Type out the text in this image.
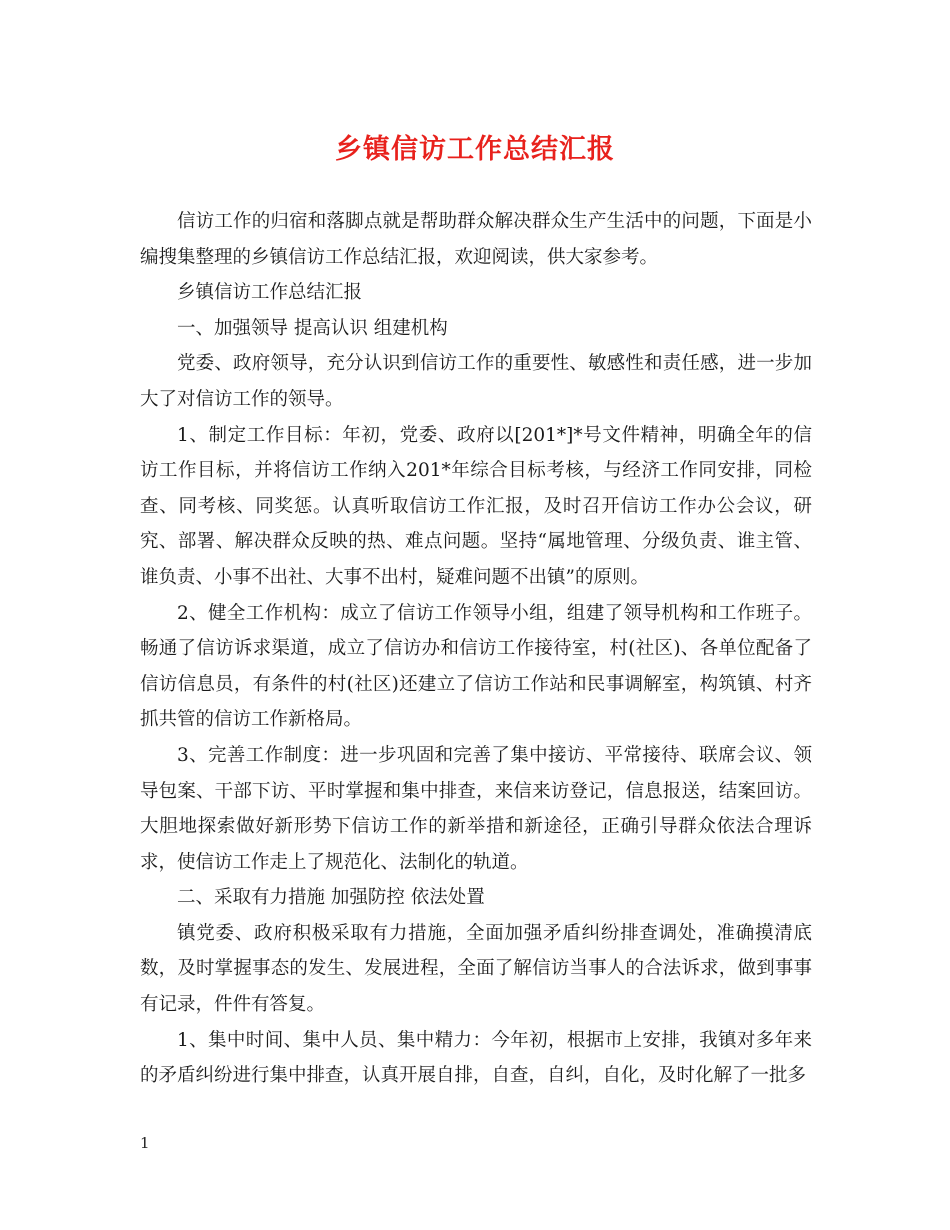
乡镇信访工作总结汇报

信访工作的归宿和落脚点就是帮助群众解决群众生产生活中的问题，下面是小编搜集整理的乡镇信访工作总结汇报，欢迎阅读，供大家参考。

乡镇信访工作总结汇报

一、加强领导 提高认识 组建机构

党委、政府领导，充分认识到信访工作的重要性、敏感性和责任感，进一步加大了对信访工作的领导。

1、制定工作目标：年初，党委、政府以[201*]*号文件精神，明确全年的信访工作目标，并将信访工作纳入201*年综合目标考核，与经济工作同安排，同检查、同考核、同奖惩。认真听取信访工作汇报，及时召开信访工作办公会议，研究、部署、解决群众反映的热、难点问题。坚持“属地管理、分级负责、谁主管、谁负责、小事不出社、大事不出村，疑难问题不出镇”的原则。

2、健全工作机构：成立了信访工作领导小组，组建了领导机构和工作班子。畅通了信访诉求渠道，成立了信访办和信访工作接待室，村(社区)、各单位配备了信访信息员，有条件的村(社区)还建立了信访工作站和民事调解室，构筑镇、村齐抓共管的信访工作新格局。

3、完善工作制度：进一步巩固和完善了集中接访、平常接待、联席会议、领导包案、干部下访、平时掌握和集中排查，来信来访登记，信息报送，结案回访。大胆地探索做好新形势下信访工作的新举措和新途径，正确引导群众依法合理诉求，使信访工作走上了规范化、法制化的轨道。

二、采取有力措施 加强防控 依法处置

镇党委、政府积极采取有力措施，全面加强矛盾纠纷排查调处，准确摸清底数，及时掌握事态的发生、发展进程，全面了解信访当事人的合法诉求，做到事事有记录，件件有答复。

1、集中时间、集中人员、集中精力：今年初，根据市上安排，我镇对多年来的矛盾纠纷进行集中排查，认真开展自排，自查，自纠，自化，及时化解了一批多

1
